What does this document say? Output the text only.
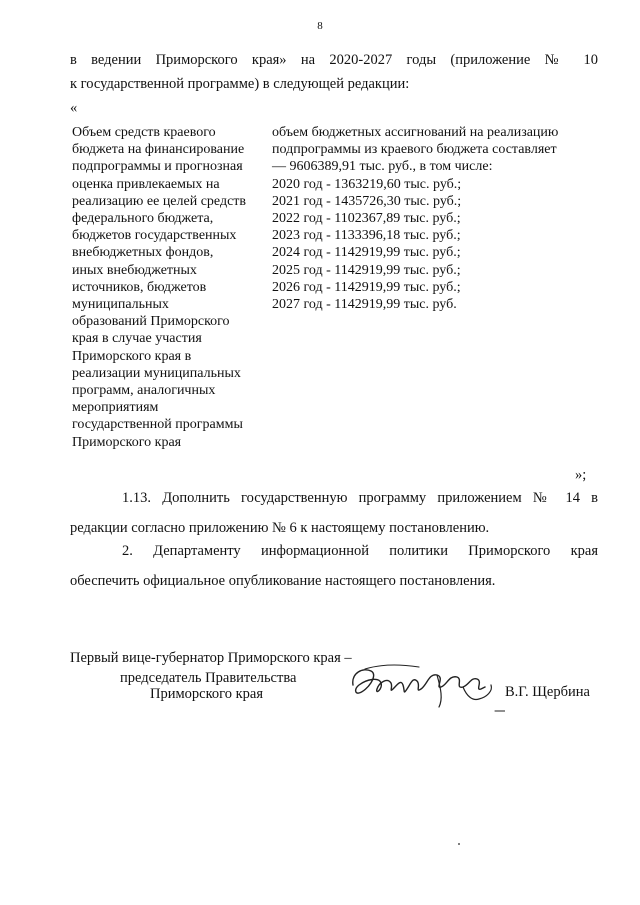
8
в ведении Приморского края» на 2020-2027 годы (приложение № 10
к государственной программе) в следующей редакции:
«
Объем средств краевого
бюджета на финансирование
подпрограммы и прогнозная
оценка привлекаемых на
реализацию ее целей средств
федерального бюджета,
бюджетов государственных
внебюджетных фондов,
иных внебюджетных
источников, бюджетов
муниципальных
образований Приморского
края в случае участия
Приморского края в
реализации муниципальных
программ, аналогичных
мероприятиям
государственной программы
Приморского края
объем бюджетных ассигнований на реализацию
подпрограммы из краевого бюджета составляет
— 9606389,91 тыс. руб., в том числе:
2020 год - 1363219,60 тыс. руб.;
2021 год - 1435726,30 тыс. руб.;
2022 год - 1102367,89 тыс. руб.;
2023 год - 1133396,18 тыс. руб.;
2024 год - 1142919,99 тыс. руб.;
2025 год - 1142919,99 тыс. руб.;
2026 год - 1142919,99 тыс. руб.;
2027 год - 1142919,99 тыс. руб.
»;
1.13. Дополнить государственную программу приложением № 14 в
редакции согласно приложению № 6 к настоящему постановлению.
2. Департаменту информационной политики Приморского края
обеспечить официальное опубликование настоящего постановления.
Первый вице-губернатор Приморского края –
председатель Правительства
Приморского края	В.Г. Щербина
